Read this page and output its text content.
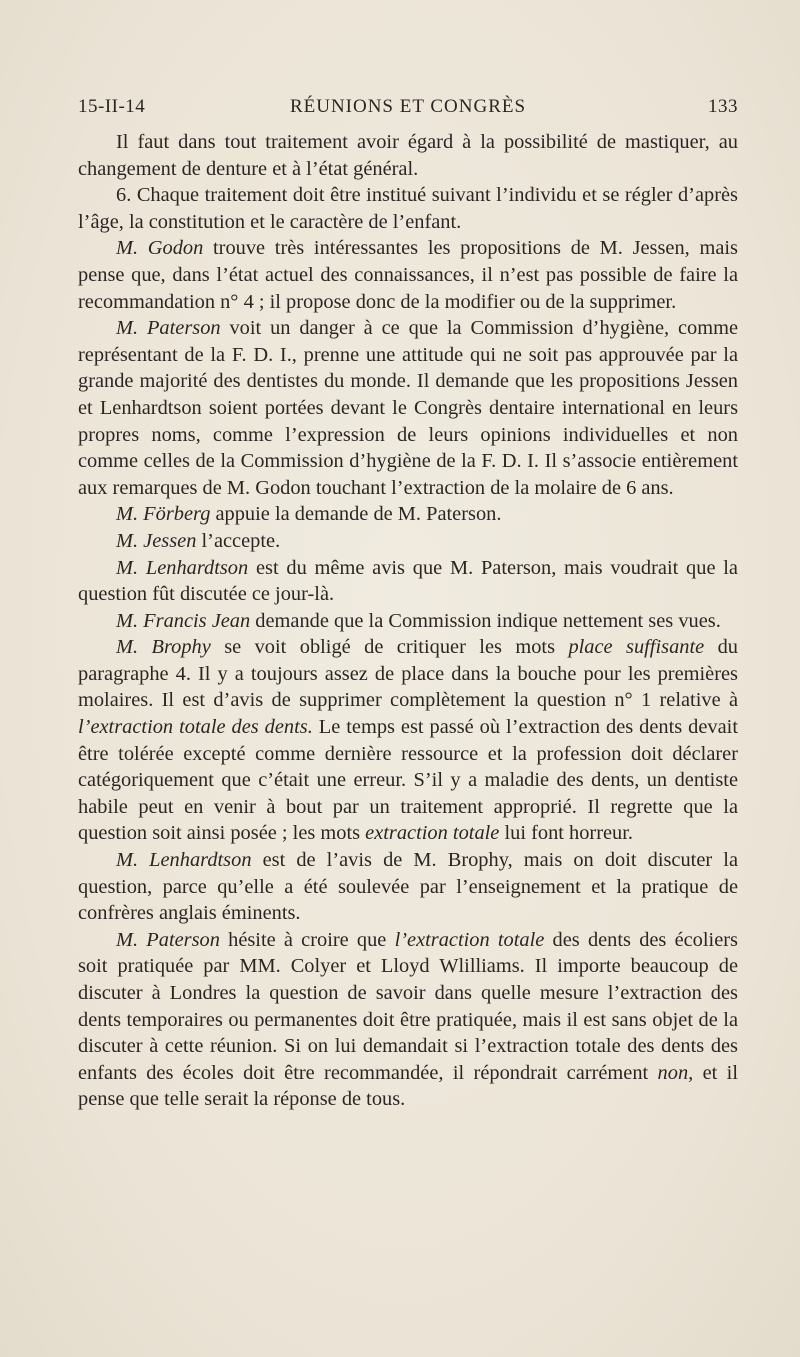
15-II-14	RÉUNIONS ET CONGRÈS	133

Il faut dans tout traitement avoir égard à la possibilité de mastiquer, au changement de denture et à l’état général.

6. Chaque traitement doit être institué suivant l’individu et se régler d’après l’âge, la constitution et le caractère de l’enfant.

M. Godon trouve très intéressantes les propositions de M. Jessen, mais pense que, dans l’état actuel des connaissances, il n’est pas possible de faire la recommandation n° 4 ; il propose donc de la modifier ou de la supprimer.

M. Paterson voit un danger à ce que la Commission d’hygiène, comme représentant de la F. D. I., prenne une attitude qui ne soit pas approuvée par la grande majorité des dentistes du monde. Il demande que les propositions Jessen et Lenhardtson soient portées devant le Congrès dentaire international en leurs propres noms, comme l’expression de leurs opinions individuelles et non comme celles de la Commission d’hygiène de la F. D. I. Il s’associe entièrement aux remarques de M. Godon touchant l’extraction de la molaire de 6 ans.

M. Förberg appuie la demande de M. Paterson.

M. Jessen l’accepte.

M. Lenhardtson est du même avis que M. Paterson, mais voudrait que la question fût discutée ce jour-là.

M. Francis Jean demande que la Commission indique nettement ses vues.

M. Brophy se voit obligé de critiquer les mots place suffisante du paragraphe 4. Il y a toujours assez de place dans la bouche pour les premières molaires. Il est d’avis de supprimer complètement la question n° 1 relative à l’extraction totale des dents. Le temps est passé où l’extraction des dents devait être tolérée excepté comme dernière ressource et la profession doit déclarer catégoriquement que c’était une erreur. S’il y a maladie des dents, un dentiste habile peut en venir à bout par un traitement approprié. Il regrette que la question soit ainsi posée ; les mots extraction totale lui font horreur.

M. Lenhardtson est de l’avis de M. Brophy, mais on doit discuter la question, parce qu’elle a été soulevée par l’enseignement et la pratique de confrères anglais éminents.

M. Paterson hésite à croire que l’extraction totale des dents des écoliers soit pratiquée par MM. Colyer et Lloyd Wlilliams. Il importe beaucoup de discuter à Londres la question de savoir dans quelle mesure l’extraction des dents temporaires ou permanentes doit être pratiquée, mais il est sans objet de la discuter à cette réunion. Si on lui demandait si l’extraction totale des dents des enfants des écoles doit être recommandée, il répondrait carrément non, et il pense que telle serait la réponse de tous.
